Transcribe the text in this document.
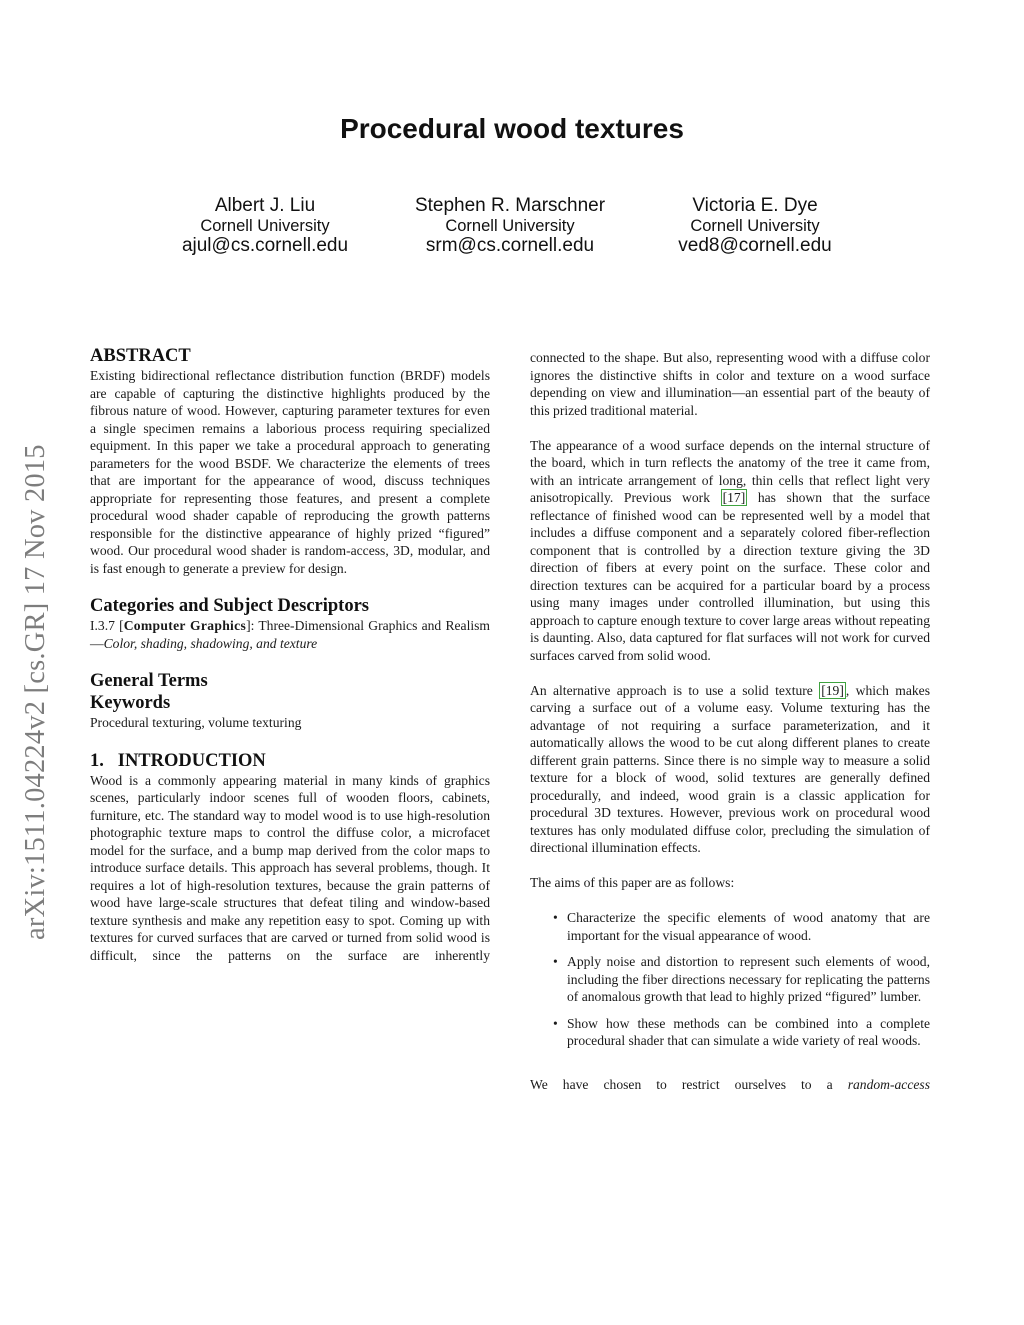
arXiv:1511.04224v2 [cs.GR] 17 Nov 2015
Procedural wood textures
Albert J. Liu
Cornell University
ajul@cs.cornell.edu
Stephen R. Marschner
Cornell University
srm@cs.cornell.edu
Victoria E. Dye
Cornell University
ved8@cornell.edu
ABSTRACT

Existing bidirectional reflectance distribution function (BRDF) models are capable of capturing the distinctive highlights produced by the fibrous nature of wood. However, capturing parameter textures for even a single specimen remains a laborious process requiring specialized equipment. In this paper we take a procedural approach to generating parameters for the wood BSDF. We characterize the elements of trees that are important for the appearance of wood, discuss techniques appropriate for representing those features, and present a complete procedural wood shader capable of reproducing the growth patterns responsible for the distinctive appearance of highly prized “figured” wood. Our procedural wood shader is random-access, 3D, modular, and is fast enough to generate a preview for design.

Categories and Subject Descriptors

I.3.7 [Computer Graphics]: Three-Dimensional Graphics and Realism—Color, shading, shadowing, and texture

General Terms
Keywords

Procedural texturing, volume texturing

1.   INTRODUCTION

Wood is a commonly appearing material in many kinds of graphics scenes, particularly indoor scenes full of wooden floors, cabinets, furniture, etc. The standard way to model wood is to use high-resolution photographic texture maps to control the diffuse color, a microfacet model for the surface, and a bump map derived from the color maps to introduce surface details. This approach has several problems, though. It requires a lot of high-resolution textures, because the grain patterns of wood have large-scale structures that defeat tiling and window-based texture synthesis and make any repetition easy to spot. Coming up with textures for curved surfaces that are carved or turned from solid wood is difficult, since the patterns on the surface are inherently

connected to the shape. But also, representing wood with a diffuse color ignores the distinctive shifts in color and texture on a wood surface depending on view and illumination—an essential part of the beauty of this prized traditional material.

The appearance of a wood surface depends on the internal structure of the board, which in turn reflects the anatomy of the tree it came from, with an intricate arrangement of long, thin cells that reflect light very anisotropically. Previous work [17] has shown that the surface reflectance of finished wood can be represented well by a model that includes a diffuse component and a separately colored fiber-reflection component that is controlled by a direction texture giving the 3D direction of fibers at every point on the surface. These color and direction textures can be acquired for a particular board by a process using many images under controlled illumination, but using this approach to capture enough texture to cover large areas without repeating is daunting. Also, data captured for flat surfaces will not work for curved surfaces carved from solid wood.

An alternative approach is to use a solid texture [19] , which makes carving a surface out of a volume easy. Volume texturing has the advantage of not requiring a surface parameterization, and it automatically allows the wood to be cut along different planes to create different grain patterns. Since there is no simple way to measure a solid texture for a block of wood, solid textures are generally defined procedurally, and indeed, wood grain is a classic application for procedural 3D textures. However, previous work on procedural wood textures has only modulated diffuse color, precluding the simulation of directional illumination effects.

The aims of this paper are as follows:

• Characterize the specific elements of wood anatomy that are important for the visual appearance of wood.
• Apply noise and distortion to represent such elements of wood, including the fiber directions necessary for replicating the patterns of anomalous growth that lead to highly prized “figured” lumber.
• Show how these methods can be combined into a complete procedural shader that can simulate a wide variety of real woods.

We have chosen to restrict ourselves to a random-access
